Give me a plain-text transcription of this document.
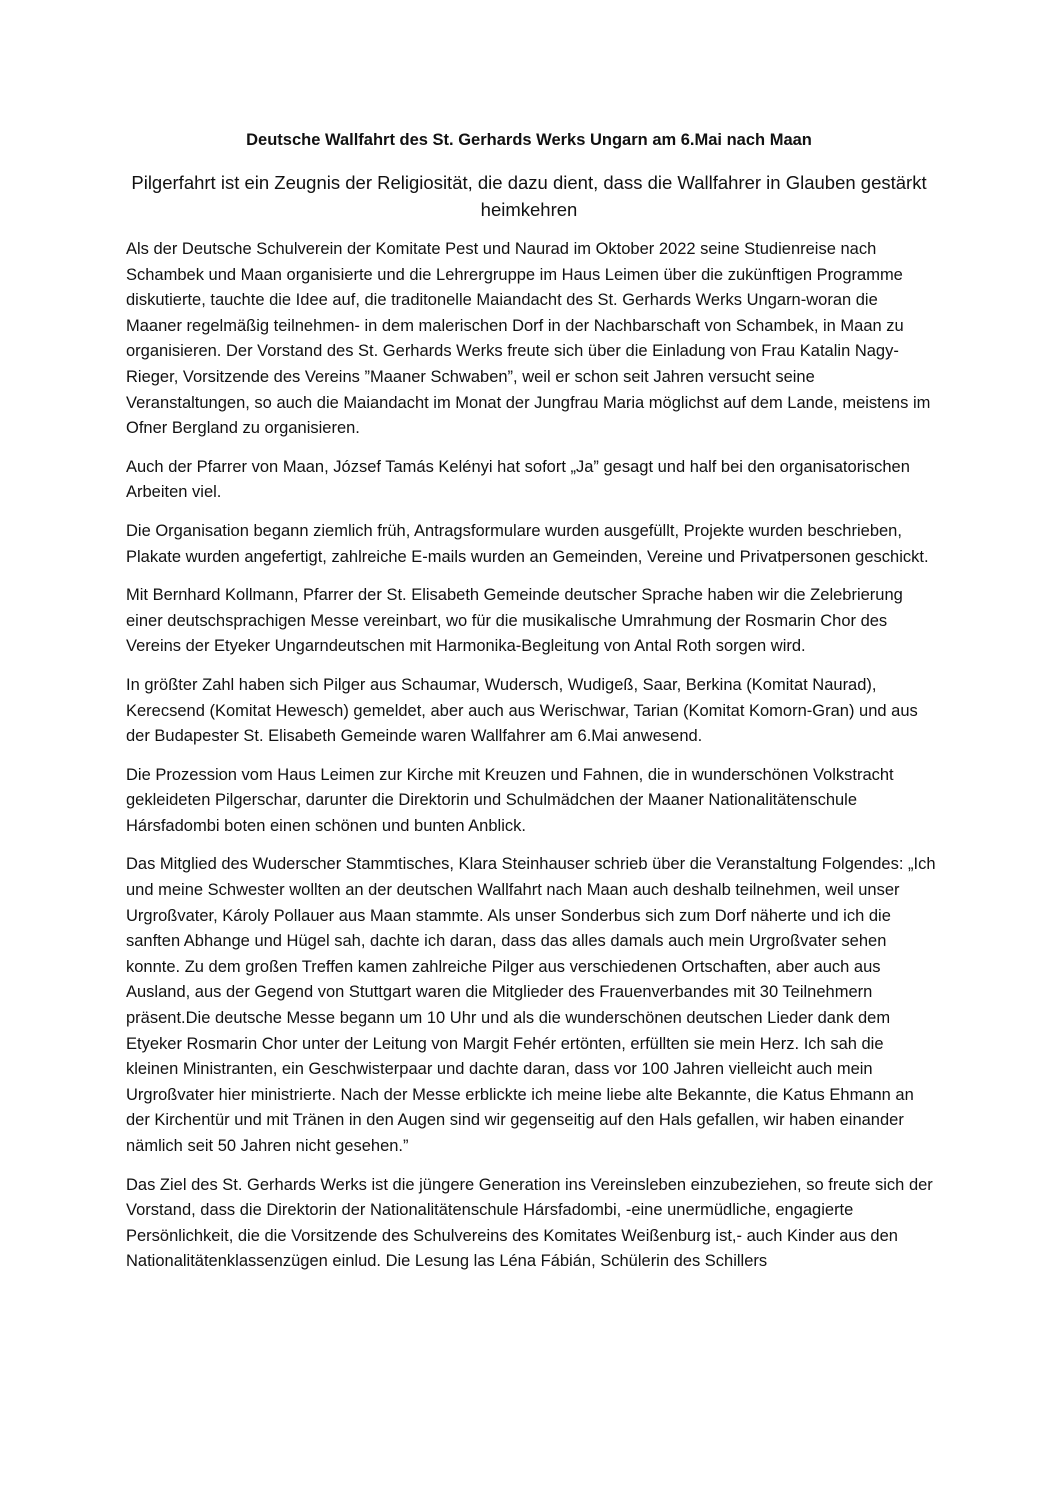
Deutsche Wallfahrt des St. Gerhards Werks Ungarn am 6.Mai nach Maan
Pilgerfahrt ist ein Zeugnis der Religiosität, die dazu dient, dass die Wallfahrer in Glauben gestärkt heimkehren

Als der Deutsche Schulverein der Komitate Pest und Naurad im Oktober 2022 seine Studienreise nach Schambek und Maan organisierte und die Lehrergruppe im Haus Leimen über die zukünftigen Programme diskutierte, tauchte die Idee auf, die traditonelle Maiandacht des St. Gerhards Werks Ungarn-woran die Maaner regelmäßig teilnehmen- in dem malerischen Dorf in der Nachbarschaft von Schambek, in Maan zu organisieren. Der Vorstand des St. Gerhards Werks freute sich über die Einladung von Frau Katalin Nagy-Rieger, Vorsitzende des Vereins ”Maaner Schwaben”, weil er schon seit Jahren versucht seine Veranstaltungen, so auch die Maiandacht im Monat der Jungfrau Maria möglichst auf dem Lande, meistens im Ofner Bergland zu organisieren.

Auch der Pfarrer von Maan, József Tamás Kelényi hat sofort „Ja” gesagt und half bei den organisatorischen Arbeiten viel.

Die Organisation begann ziemlich früh, Antragsformulare wurden ausgefüllt, Projekte wurden beschrieben, Plakate wurden angefertigt, zahlreiche E-mails wurden an Gemeinden, Vereine und Privatpersonen geschickt.

Mit Bernhard Kollmann, Pfarrer der St. Elisabeth Gemeinde deutscher Sprache haben wir die Zelebrierung einer deutschsprachigen Messe vereinbart, wo für die musikalische Umrahmung der Rosmarin Chor des Vereins der Etyeker Ungarndeutschen mit Harmonika-Begleitung von Antal Roth sorgen wird.

In größter Zahl haben sich Pilger aus Schaumar, Wudersch, Wudigeß, Saar, Berkina (Komitat Naurad), Kerecsend (Komitat Hewesch) gemeldet, aber auch aus Werischwar, Tarian (Komitat Komorn-Gran) und aus der Budapester St. Elisabeth Gemeinde waren Wallfahrer am 6.Mai anwesend.

Die Prozession vom Haus Leimen zur Kirche mit Kreuzen und Fahnen, die in wunderschönen Volkstracht gekleideten Pilgerschar, darunter die Direktorin und Schulmädchen der Maaner Nationalitätenschule Hársfadombi boten einen schönen und bunten Anblick.

Das Mitglied des Wuderscher Stammtisches, Klara Steinhauser schrieb über die Veranstaltung Folgendes: „Ich und meine Schwester wollten an der deutschen Wallfahrt nach Maan auch deshalb teilnehmen, weil unser Urgroßvater, Károly Pollauer aus Maan stammte. Als unser Sonderbus sich zum Dorf näherte und ich die sanften Abhange und Hügel sah, dachte ich daran, dass das alles damals auch mein Urgroßvater sehen konnte. Zu dem großen Treffen kamen zahlreiche Pilger aus verschiedenen Ortschaften, aber auch aus Ausland, aus der Gegend von Stuttgart waren die Mitglieder des Frauenverbandes mit 30 Teilnehmern präsent.Die deutsche Messe begann um 10 Uhr und als die wunderschönen deutschen Lieder dank dem Etyeker Rosmarin Chor unter der Leitung von Margit Fehér ertönten, erfüllten sie mein Herz. Ich sah die kleinen Ministranten, ein Geschwisterpaar und dachte daran, dass vor 100 Jahren vielleicht auch mein Urgroßvater hier ministrierte. Nach der Messe erblickte ich meine liebe alte Bekannte, die Katus Ehmann an der Kirchentür und mit Tränen in den Augen sind wir gegenseitig auf den Hals gefallen, wir haben einander nämlich seit 50 Jahren nicht gesehen.”

Das Ziel des St. Gerhards Werks ist die jüngere Generation ins Vereinsleben einzubeziehen, so freute sich der Vorstand, dass die Direktorin der Nationalitätenschule Hársfadombi, -eine unermüdliche, engagierte Persönlichkeit, die die Vorsitzende des Schulvereins des Komitates Weißenburg ist,- auch Kinder aus den Nationalitätenklassenzügen einlud. Die Lesung las Léna Fábián, Schülerin des Schillers
